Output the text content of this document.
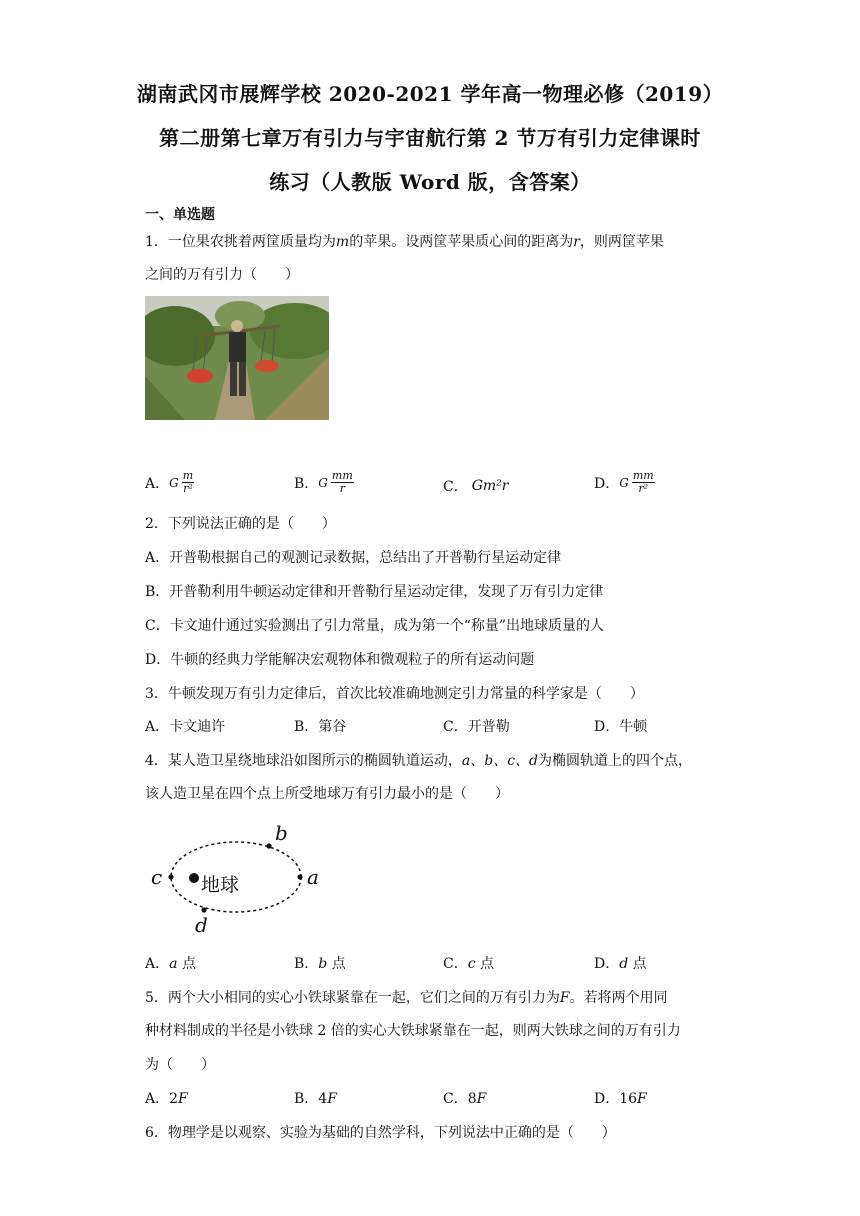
湖南武冈市展辉学校 2020-2021 学年高一物理必修（2019）
第二册第七章万有引力与宇宙航行第 2 节万有引力定律课时
练习（人教版 Word 版，含答案）
一、单选题
1．一位果农挑着两筐质量均为m的苹果。设两筐苹果质心间的距离为r，则两筐苹果
之间的万有引力（　　）
A． G $\frac{m}{\text{r²}}$	B． G $\frac{mm}{r}$	C． Gm²r	D． G $\frac{mm}{\text{r²}}$
2．下列说法正确的是（　　）
A．开普勒根据自己的观测记录数据，总结出了开普勒行星运动定律
B．开普勒利用牛顿运动定律和开普勒行星运动定律，发现了万有引力定律
C．卡文迪什通过实验测出了引力常量，成为第一个“称量”出地球质量的人
D．牛顿的经典力学能解决宏观物体和微观粒子的所有运动问题
3．牛顿发现万有引力定律后，首次比较准确地测定引力常量的科学家是（　　）
A．卡文迪许	B．第谷	C．开普勒	D．牛顿
4．某人造卫星绕地球沿如图所示的椭圆轨道运动，a、b、c、d为椭圆轨道上的四个点，
该人造卫星在四个点上所受地球万有引力最小的是（　　）
b
a
c
d
地球
A．a 点	B．b 点	C．c 点	D．d 点
5．两个大小相同的实心小铁球紧靠在一起，它们之间的万有引力为F。若将两个用同
种材料制成的半径是小铁球 2 倍的实心大铁球紧靠在一起，则两大铁球之间的万有引力
为（　　）
A．2F	B．4F	C．8F	D．16F
6．物理学是以观察、实验为基础的自然学科，下列说法中正确的是（　　）
